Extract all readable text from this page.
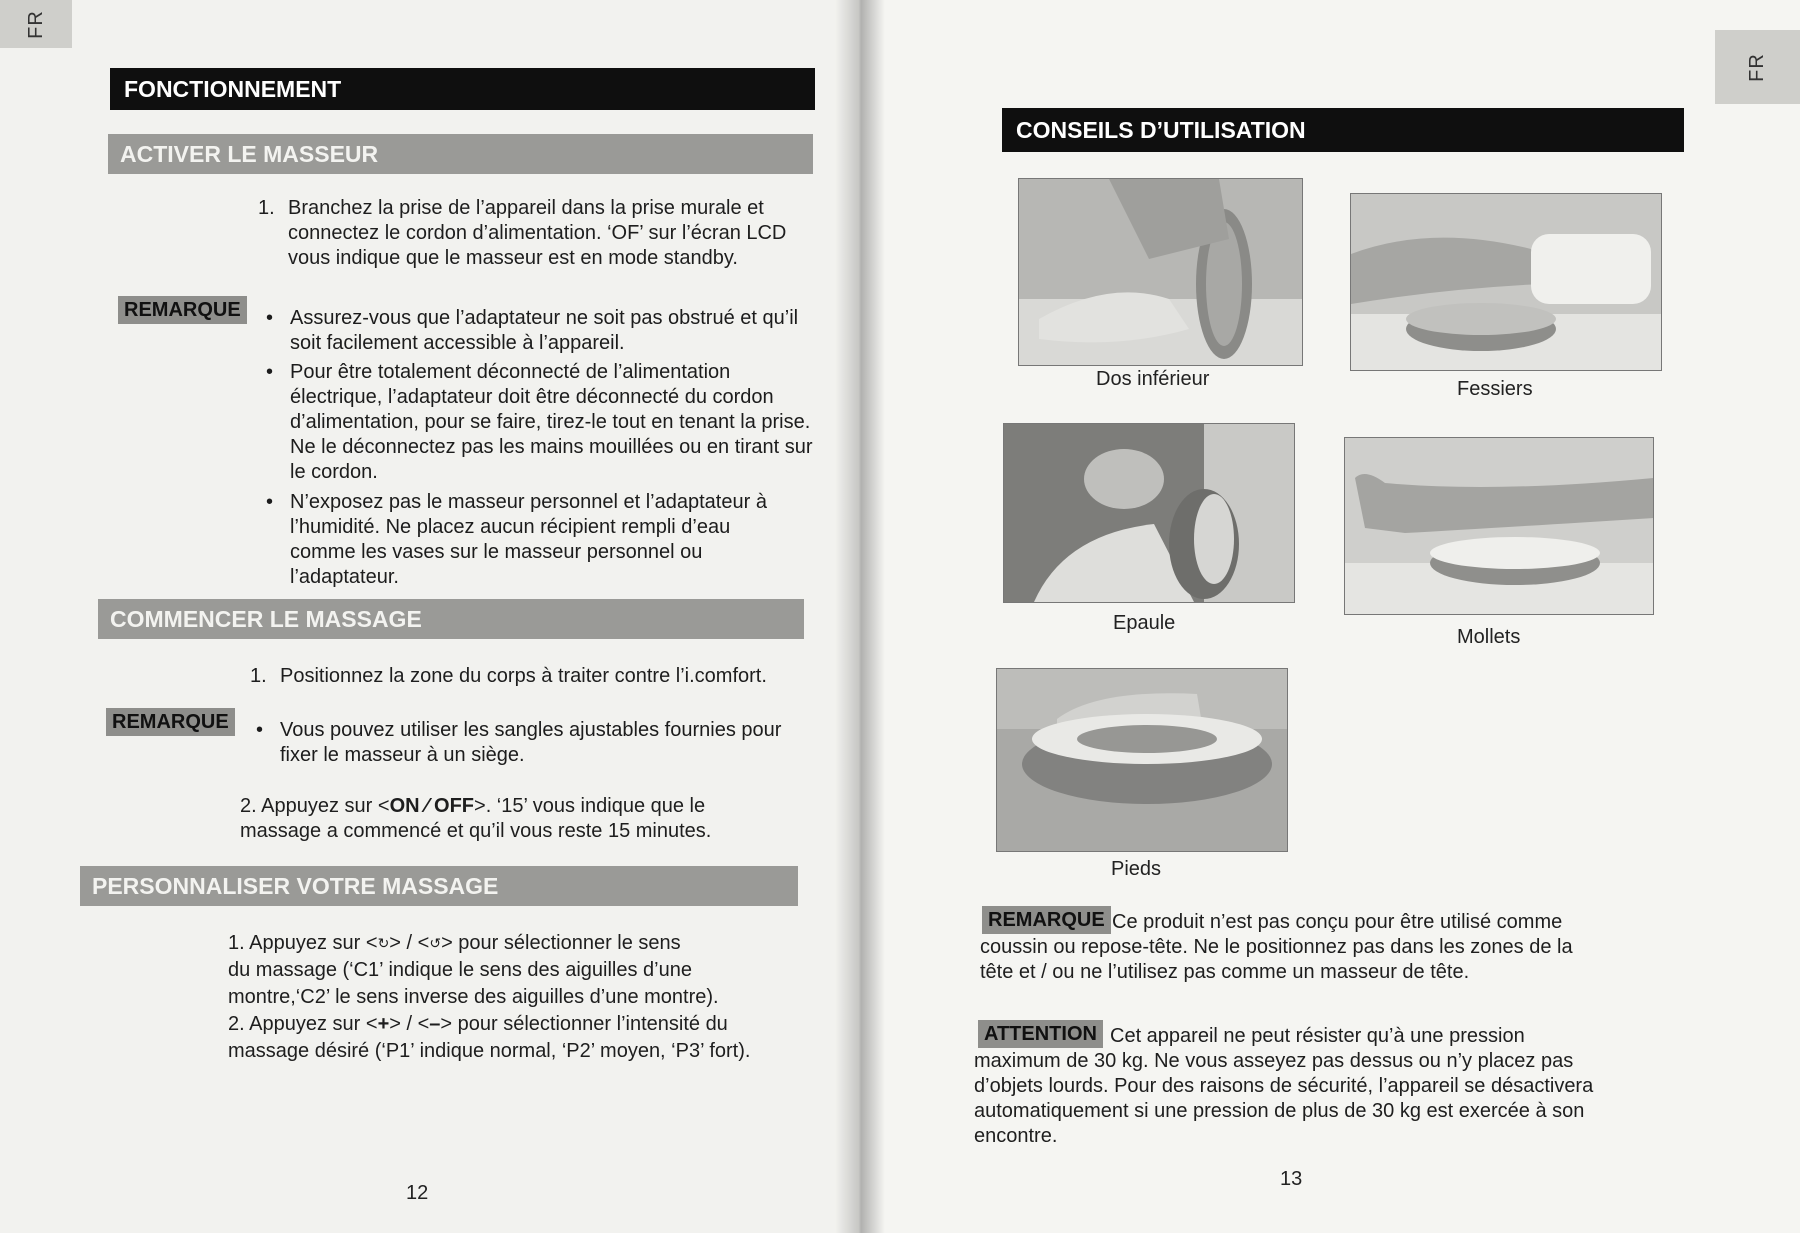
FR
FONCTIONNEMENT
ACTIVER LE MASSEUR
1. Branchez la prise de l’appareil dans la prise murale et connectez le cordon d’alimentation. ‘OF’ sur l’écran LCD vous indique que le masseur est en mode standby.
REMARQUE	• Assurez-vous que l’adaptateur ne soit pas obstrué et qu’il soit facilement accessible à l’appareil.
• Pour être totalement déconnecté de l’alimentation électrique, l’adaptateur doit être déconnecté du cordon d’alimentation, pour se faire, tirez-le tout en tenant la prise. Ne le déconnectez pas les mains mouillées ou en tirant sur le cordon.
• N’exposez pas le masseur personnel et l’adaptateur à l’humidité. Ne placez aucun récipient rempli d’eau comme les vases sur le masseur personnel ou l’adaptateur.
COMMENCER LE MASSAGE
1. Positionnez la zone du corps à traiter contre l’i.comfort.
REMARQUE	• Vous pouvez utiliser les sangles ajustables fournies pour fixer le masseur à un siège.
2. Appuyez sur <ON ⁄ OFF>. ‘15’ vous indique que le
massage a commencé et qu’il vous reste 15 minutes.
PERSONNALISER VOTRE MASSAGE
1. Appuyez sur <↻> / <↺> pour sélectionner le sens
du massage (‘C1’ indique le sens des aiguilles d’une
montre,‘C2’ le sens inverse des aiguilles d’une montre).
2. Appuyez sur <+> / <–> pour sélectionner l’intensité du
massage désiré (‘P1’ indique normal, ‘P2’ moyen, ‘P3’ fort).
12
FR
CONSEILS D’UTILISATION
Dos inférieur	Fessiers
Epaule
Mollets
Pieds
REMARQUE Ce produit n’est pas conçu pour être utilisé comme
coussin ou repose-tête. Ne le positionnez pas dans les zones de la
tête et / ou ne l’utilisez pas comme un masseur de tête.
ATTENTION Cet appareil ne peut résister qu’à une pression
maximum de 30 kg. Ne vous asseyez pas dessus ou n’y placez pas
d’objets lourds. Pour des raisons de sécurité, l’appareil se désactivera
automatiquement si une pression de plus de 30 kg est exercée à son
encontre.
13
